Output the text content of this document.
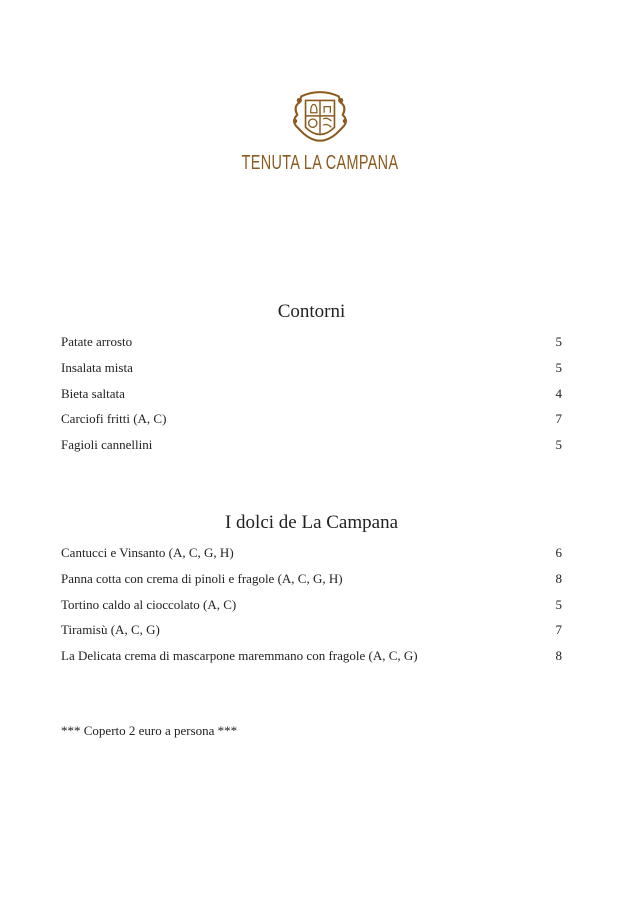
TENUTA LA CAMPANA
Contorni
Patate arrosto	5
Insalata mista	5
Bieta saltata	4
Carciofi fritti (A, C)	7
Fagioli cannellini	5
I dolci de La Campana
Cantucci e Vinsanto (A, C, G, H)	6
Panna cotta con crema di pinoli e fragole (A, C, G, H)	8
Tortino caldo al cioccolato (A, C)	5
Tiramisù (A, C, G)	7
La Delicata crema di mascarpone maremmano con fragole (A, C, G)	8
*** Coperto 2 euro a persona ***
